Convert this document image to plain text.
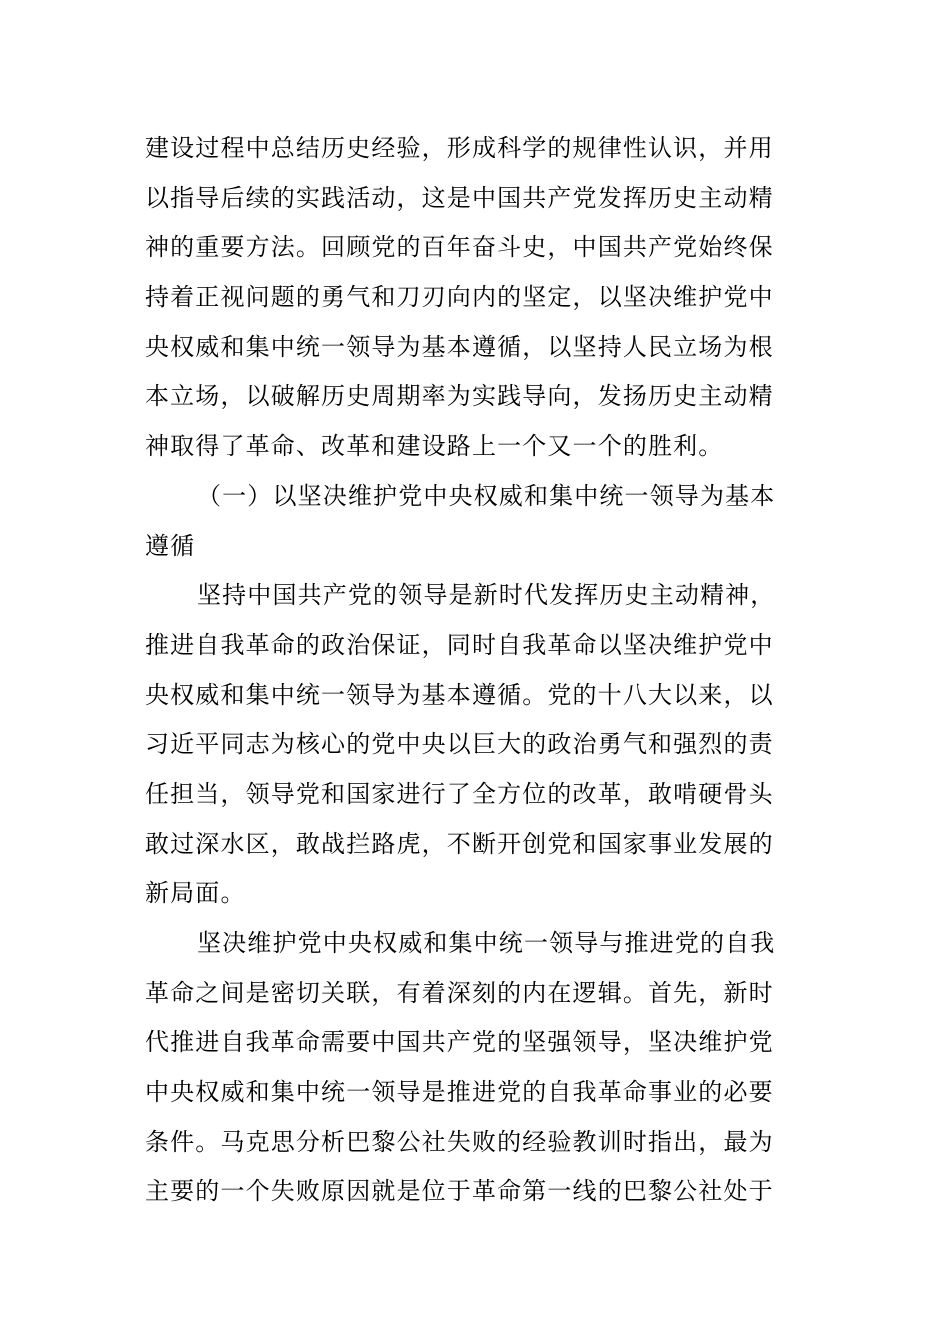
建设过程中总结历史经验，形成科学的规律性认识，并用
以指导后续的实践活动，这是中国共产党发挥历史主动精
神的重要方法。回顾党的百年奋斗史，中国共产党始终保
持着正视问题的勇气和刀刃向内的坚定，以坚决维护党中
央权威和集中统一领导为基本遵循，以坚持人民立场为根
本立场，以破解历史周期率为实践导向，发扬历史主动精
神取得了革命、改革和建设路上一个又一个的胜利。
（一）以坚决维护党中央权威和集中统一领导为基本
遵循
坚持中国共产党的领导是新时代发挥历史主动精神，
推进自我革命的政治保证，同时自我革命以坚决维护党中
央权威和集中统一领导为基本遵循。党的十八大以来，以
习近平同志为核心的党中央以巨大的政治勇气和强烈的责
任担当，领导党和国家进行了全方位的改革，敢啃硬骨头
敢过深水区，敢战拦路虎，不断开创党和国家事业发展的
新局面。
坚决维护党中央权威和集中统一领导与推进党的自我
革命之间是密切关联，有着深刻的内在逻辑。首先，新时
代推进自我革命需要中国共产党的坚强领导，坚决维护党
中央权威和集中统一领导是推进党的自我革命事业的必要
条件。马克思分析巴黎公社失败的经验教训时指出，最为
主要的一个失败原因就是位于革命第一线的巴黎公社处于
